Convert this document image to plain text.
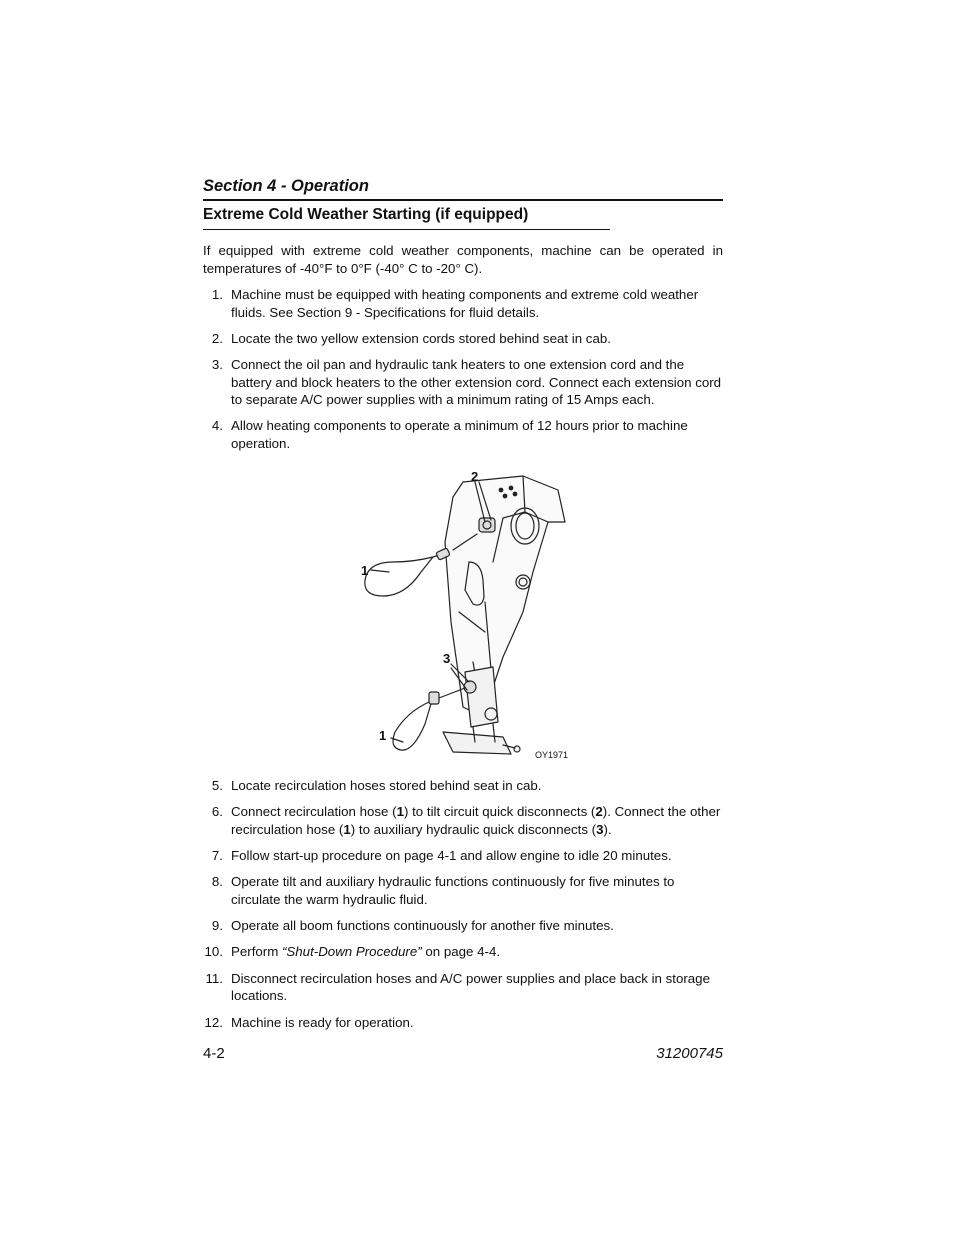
Section 4 - Operation
Extreme Cold Weather Starting (if equipped)

If equipped with extreme cold weather components, machine can be operated in temperatures of -40°F to 0°F (-40° C to -20° C).

1. Machine must be equipped with heating components and extreme cold weather fluids. See Section 9 - Specifications for fluid details.
2. Locate the two yellow extension cords stored behind seat in cab.
3. Connect the oil pan and hydraulic tank heaters to one extension cord and the battery and block heaters to the other extension cord. Connect each extension cord to separate A/C power supplies with a minimum rating of 15 Amps each.
4. Allow heating components to operate a minimum of 12 hours prior to machine operation.
2
1
3
1
OY1971
5. Locate recirculation hoses stored behind seat in cab.
6. Connect recirculation hose (1) to tilt circuit quick disconnects (2). Connect the other recirculation hose (1) to auxiliary hydraulic quick disconnects (3).
7. Follow start-up procedure on page 4-1 and allow engine to idle 20 minutes.
8. Operate tilt and auxiliary hydraulic functions continuously for five minutes to circulate the warm hydraulic fluid.
9. Operate all boom functions continuously for another five minutes.
10. Perform “Shut-Down Procedure” on page 4-4.
11. Disconnect recirculation hoses and A/C power supplies and place back in storage locations.
12. Machine is ready for operation.
4-2	31200745
